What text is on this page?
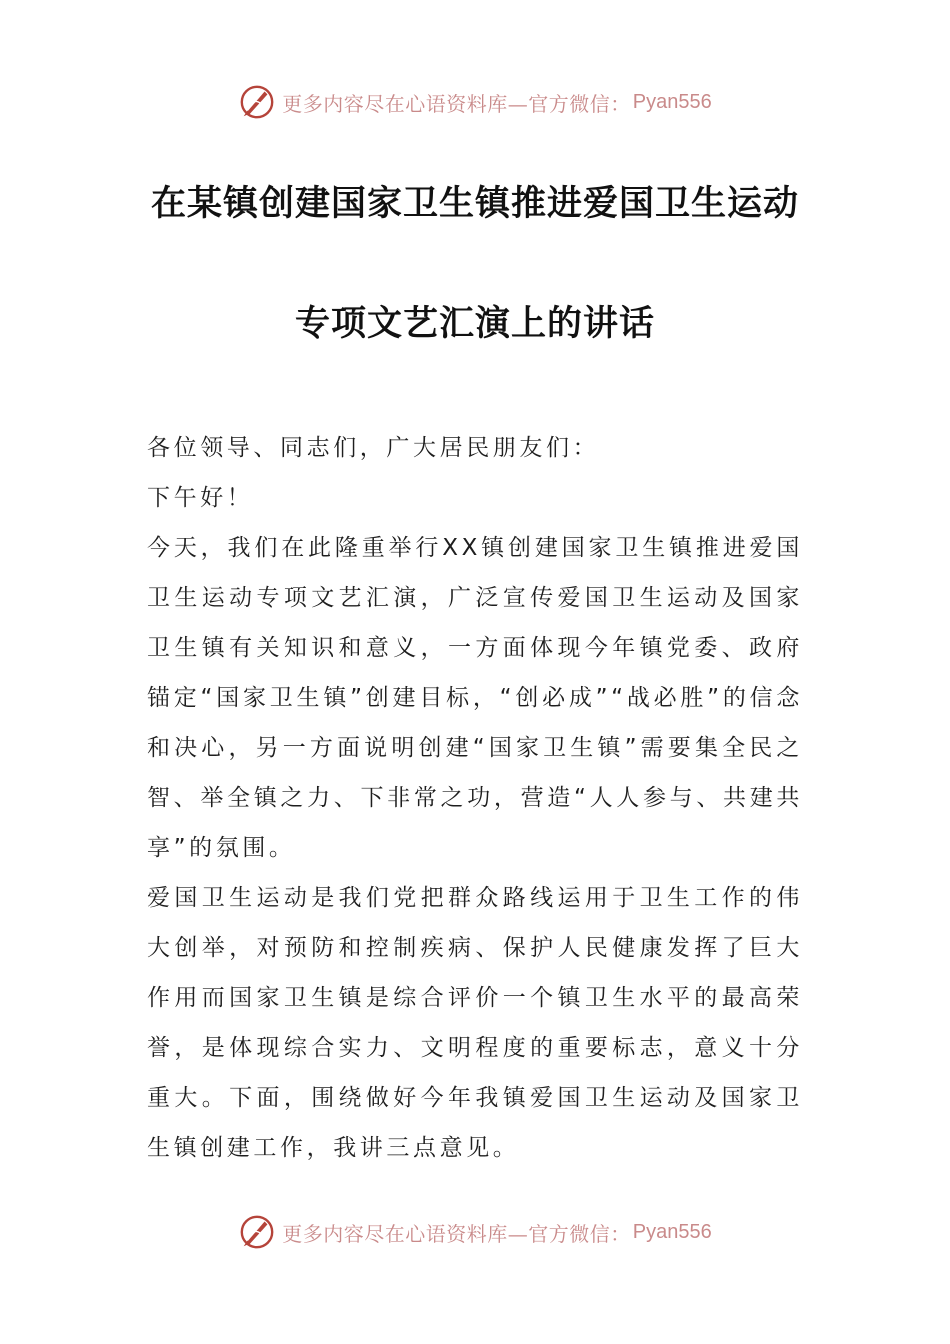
更多内容尽在心语资料库—官方微信： Pyan556
在某镇创建国家卫生镇推进爱国卫生运动
专项文艺汇演上的讲话

各位领导、同志们，广大居民朋友们：

下午好！

今天，我们在此隆重举行XX镇创建国家卫生镇推进爱国卫生运动专项文艺汇演，广泛宣传爱国卫生运动及国家卫生镇有关知识和意义，一方面体现今年镇党委、政府锚定“国家卫生镇”创建目标，“创必成”“战必胜”的信念和决心，另一方面说明创建“国家卫生镇”需要集全民之智、举全镇之力、下非常之功，营造“人人参与、共建共享”的氛围。

爱国卫生运动是我们党把群众路线运用于卫生工作的伟大创举，对预防和控制疾病、保护人民健康发挥了巨大作用而国家卫生镇是综合评价一个镇卫生水平的最高荣誉，是体现综合实力、文明程度的重要标志，意义十分重大。下面，围绕做好今年我镇爱国卫生运动及国家卫生镇创建工作，我讲三点意见。

更多内容尽在心语资料库—官方微信： Pyan556
